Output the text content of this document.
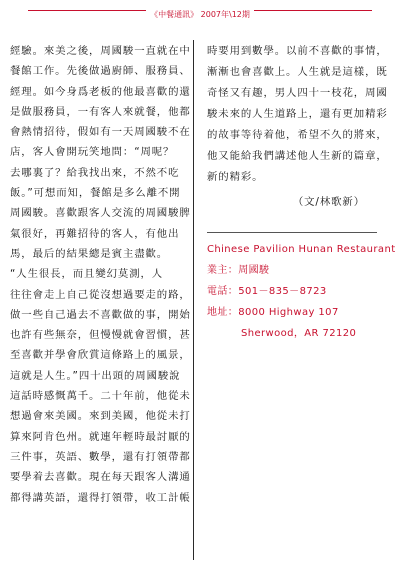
《中餐通訊》 2007年\12期

經驗。來美之後，周國駿一直就在中

餐館工作。先後做過廚師、服務員、

經理。如今身爲老板的他最喜歡的還

是做服務員，一有客人來就餐，他都

會熱情招待，假如有一天周國駿不在

店，客人會開玩笑地問：“周呢？

去哪裏了？給我找出來，不然不吃

飯。”可想而知，餐館是多么離不開

周國駿。喜歡跟客人交流的周國駿脾

氣很好，再難招待的客人，有他出

馬，最后的結果總是賓主盡歡。

“人生很長，而且變幻莫測，人

往往會走上自己從沒想過要走的路，

做一些自己過去不喜歡做的事，開始

也許有些無奈，但慢慢就會習慣，甚

至喜歡并學會欣賞這條路上的風景，

這就是人生。”四十出頭的周國駿說

這話時感慨萬千。二十年前，他從未

想過會來美國。來到美國，他從未打

算來阿肯色州。就連年輕時最討厭的

三件事，英語、數學，還有打領帶都

要學着去喜歡。現在每天跟客人溝通

都得講英語，還得打領帶，收工計帳

時要用到數學。以前不喜歡的事情，

漸漸也會喜歡上。人生就是這樣，既

奇怪又有趣，男人四十一枝花，周國

駿未來的人生道路上，還有更加精彩

的故事等待着他，希望不久的將來，

他又能給我們講述他人生新的篇章，

新的精彩。

（文/林歌新）

Chinese Pavilion Hunan Restaurant
業主：周國駿
電話：501－835－8723
地址：8000 Highway 107
Sherwood，AR 72120
